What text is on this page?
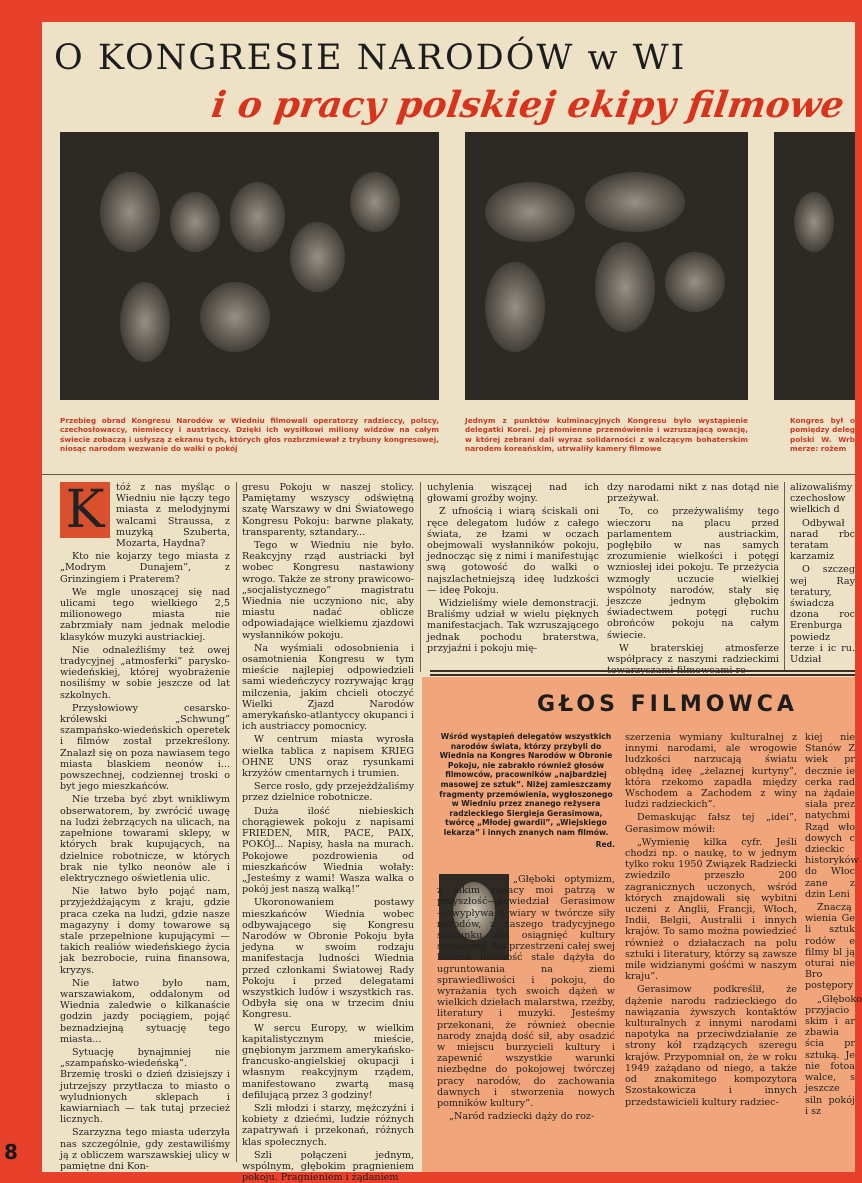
O KONGRESIE NARODÓW w WI
i o pracy polskiej ekipy filmowe
Przebieg obrad Kongresu Narodów w Wiedniu filmowali operatorzy radzieccy, polscy, czechosłowaccy, niemieccy i austriaccy. Dzięki ich wysiłkowi miliony widzów na całym świecie zobaczą i usłyszą z ekranu tych, których głos rozbrzmiewał z trybuny kongresowej, niosąc narodom wezwanie do walki o pokój
Jednym z punktów kulminacyjnych Kongresu było wystąpienie delegatki Korei. Jej płomienne przemówienie i wzruszającą owację, w której zebrani dali wyraz solidarności z walczącym bohaterskim narodem koreańskim, utrwaliły kamery filmowe
Kongres był o pomiędzy deleg polski W. Wrb merze: rożem
K	tóż z nas myśląc o Wiedniu nie łączy tego miasta z melodyjnymi walcami Straussa, z muzyką Szuberta, Mozarta, Haydna?

Kto nie kojarzy tego miasta z „Modrym Dunajem”, z Grinzingiem i Praterem?

We mgle unoszącej się nad ulicami tego wielkiego 2,5 milionowego miasta nie zabrzmiały nam jednak melodie klasyków muzyki austriackiej.

Nie odnaleźliśmy też owej tradycyjnej „atmosferki” parysko-wiedeńskiej, której wyobrażenie nosiliśmy w sobie jeszcze od lat szkolnych.

Przysłowiowy cesarsko-królewski „Schwung” szampańsko-wiedeńskich operetek i filmów został przekreślony. Znalazł się on poza nawiasem tego miasta blaskiem neonów i... powszechnej, codziennej troski o byt jego mieszkańców.

Nie trzeba być zbyt wnikliwym obserwatorem, by zwrócić uwagę na ludzi żebrzących na ulicach, na zapełnione towarami sklepy, w których brak kupujących, na dzielnice robotnicze, w których brak nie tylko neonów ale i elektrycznego oświetlenia ulic.

Nie łatwo było pojąć nam, przyjeżdżającym z kraju, gdzie praca czeka na ludzi, gdzie nasze magazyny i domy towarowe są stale przepełnione kupującymi — takich realiów wiedeńskiego życia jak bezrobocie, ruina finansowa, kryzys.

Nie łatwo było nam, warszawiakom, oddalonym od Wiednia zaledwie o kilkanaście godzin jazdy pociągiem, pojąć beznadziejną sytuację tego miasta...

Sytuację bynajmniej nie „szampańsko-wiedeńską”. Brzemię troski o dzień dzisiejszy i jutrzejszy przytłacza to miasto o wyludnionych sklepach i kawiarniach — tak tutaj przecież licznych.

Szarzyzna tego miasta uderzyła nas szczególnie, gdy zestawiliśmy ją z obliczem warszawskiej ulicy w pamiętne dni Kon-

gresu Pokoju w naszej stolicy. Pamiętamy wszyscy odświętną szatę Warszawy w dni Światowego Kongresu Pokoju: barwne plakaty, transparenty, sztandary...

Tego w Wiedniu nie było. Reakcyjny rząd austriacki był wobec Kongresu nastawiony wrogo. Także ze strony prawicowo-„socjalistycznego” magistratu Wiednia nie uczyniono nic, aby miastu nadać oblicze odpowiadające wielkiemu zjazdowi wysłanników pokoju.

Na wyśmiali odosobnienia i osamotnienia Kongresu w tym mieście najlepiej odpowiedzieli sami wiedeńczycy rozrywając krąg milczenia, jakim chcieli otoczyć Wielki Zjazd Narodów amerykańsko-atlantyccy okupanci i ich austriaccy pomocnicy.

W centrum miasta wyrosła wielka tablica z napisem KRIEG OHNE UNS oraz rysunkami krzyżów cmentarnych i trumien.

Serce rosło, gdy przejeżdżaliśmy przez dzielnice robotnicze.

Duża ilość niebieskich chorągiewek pokoju z napisami FRIEDEN, MIR, PACE, PAIX, POKÓJ... Napisy, hasła na murach. Pokojowe pozdrowienia od mieszkańców Wiednia wołały: „Jesteśmy z wami! Wasza walka o pokój jest naszą walką!”

Ukoronowaniem postawy mieszkańców Wiednia wobec odbywającego się Kongresu Narodów w Obronie Pokoju była jedyna w swoim rodzaju manifestacja ludności Wiednia przed członkami Światowej Rady Pokoju i przed delegatami wszystkich ludów i wszystkich ras. Odbyła się ona w trzecim dniu Kongresu.

W sercu Europy, w wielkim kapitalistycznym mieście, gnębionym jarzmem amerykańsko-francusko-angielskiej okupacji i własnym reakcyjnym rządem, manifestowano zwartą masą defilującą przez 3 godziny!

Szli młodzi i starzy, mężczyźni i kobiety z dziećmi, ludzie różnych zapatrywań i przekonań, różnych klas społecznych.

Szli połączeni jednym, wspólnym, głębokim pragnieniem pokoju. Pragnieniem i żądaniem

uchylenia wiszącej nad ich głowami groźby wojny.

Z ufnością i wiarą ściskali oni ręce delegatom ludów z całego świata, ze łzami w oczach obejmowali wysłanników pokoju, jednocząc się z nimi i manifestując swą gotowość do walki o najszlachetniejszą ideę ludzkości — ideę Pokoju.

Widzieliśmy wiele demonstracji. Braliśmy udział w wielu pięknych manifestacjach. Tak wzruszającego jednak pochodu braterstwa, przyjaźni i pokoju mię-

dzy narodami nikt z nas dotąd nie przeżywał.

To, co przeżywaliśmy tego wieczoru na placu przed parlamentem austriackim, pogłębiło w nas samych zrozumienie wielkości i potęgi wzniosłej idei pokoju. Te przeżycia wzmogły uczucie wielkiej wspólnoty narodów, stały się jeszcze jednym głębokim świadectwem potęgi ruchu obrońców pokoju na całym świecie.

W braterskiej atmosferze współpracy z naszymi radzieckimi

alizowaliśmy czechosłow wielkich d

Odbywał narad rbc teratam karzamiz

O szczeg wej Ray teratury, świadcza dzona roc Erenburga powiedz terze i ic ru. Udział

GŁOS FILMOWCA
Wśród wystąpień delegatów wszystkich narodów świata, którzy przybyli do Wiednia na Kongres Narodów w Obronie Pokoju, nie zabrakło również głosów filmowców, pracowników „najbardziej masowej ze sztuk”. Niżej zamieszczamy fragmenty przemówienia, wygłoszonego w Wiedniu przez znanego reżysera radzieckiego Siergieja Gerasimowa, twórcę „Młodej gwardii”, „Wiejskiego lekarza” i innych znanych nam filmów.
Red.

„Głęboki optymizm, z jakim rodacy moi patrzą w przyszłość—powiedział Gerasimow — wypływa z wiary w twórcze siły narodów, z naszego tradycyjnego szacunku dla osiągnięć kultury światowej. Na przestrzeni całej swej historii ludzkość stale dążyła do ugruntowania na ziemi sprawiedliwości i pokoju, do wyrażania tych swoich dążeń w wielkich dziełach malarstwa, rzeźby, literatury i muzyki. Jesteśmy przekonani, że również obecnie narody znajdą dość sił, aby osadzić w miejscu burzycieli kultury i zapewnić wszystkie warunki niezbędne do pokojowej twórczej pracy narodów, do zachowania dawnych i stworzenia nowych pomników kultury”.

„Naród radziecki dąży do roz-

szerzenia wymiany kulturalnej z innymi narodami, ale wrogowie ludzkości narzucają światu obłędną ideę „żelaznej kurtyny”, która rzekomo zapadła między Wschodem a Zachodem z winy ludzi radzieckich”.

Demaskując fałsz tej „idei”, Gerasimow mówił:

„Wymienię kilka cyfr. Jeśli chodzi np. o naukę, to w jednym tylko roku 1950 Związek Radziecki zwiedziło przeszło 200 zagranicznych uczonych, wśród których znajdowali się wybitni uczeni z Anglii, Francji, Włoch, Indii, Belgii, Australii i innych krajów. To samo można powiedzieć również o działaczach na polu sztuki i literatury, którzy są zawsze mile widzianymi gośćmi w naszym kraju”.

Gerasimow podkreślił, że dążenie narodu radzieckiego do nawiązania żywszych kontaktów kulturalnych z innymi narodami napotyka na przeciwdziałanie ze strony kół rządzących szeregu krajów. Przypomniał on, że w roku 1949 zażądano od niego, a także od znakomitego kompozytora Szostakowicza i innych przedstawicieli kultury radziec-

kiej nie Stanów Z wiek pr decznie ie cerka rad na żądaie siała prez natychmi Rząd wło dowych c dzieckic historyków do Włoc zane z dzin Leni

Znaczą wienia Ge li sztuk rodów e filmy bl ją oturai nie Bro postępory

„Głęboko przyjacio skim i ar zbawia ścia pr sztuką. Je nie fotoa walce, s jeszcze siln pokój i sz

8
